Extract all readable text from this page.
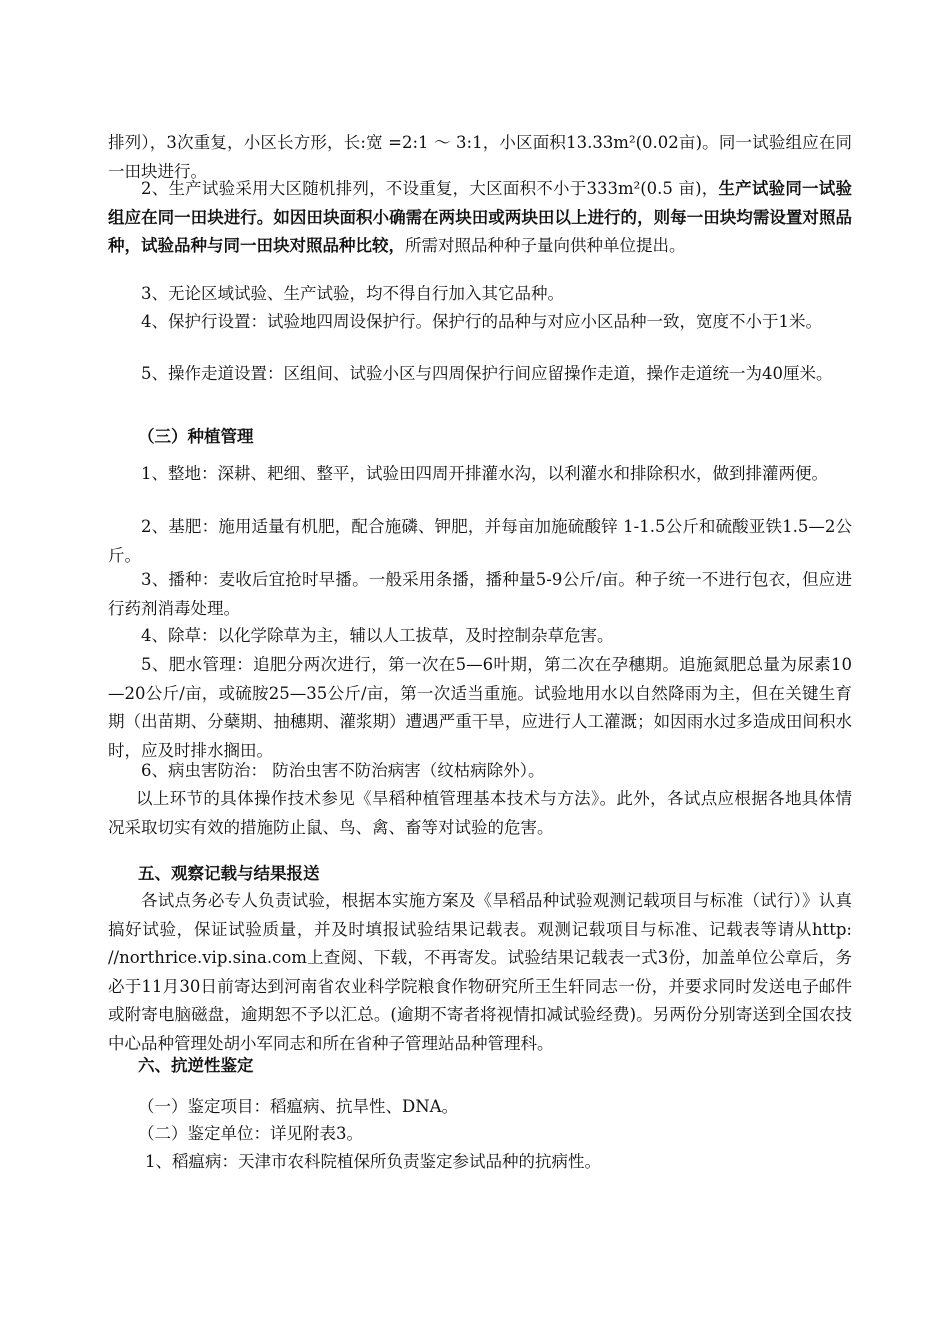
排列），3次重复，小区长方形，长:宽 =2:1 ～ 3:1，小区面积13.33m²(0.02亩)。同一试验组应在同一田块进行。

2、生产试验采用大区随机排列，不设重复，大区面积不小于333m²(0.5 亩)，生产试验同一试验组应在同一田块进行。如因田块面积小确需在两块田或两块田以上进行的，则每一田块均需设置对照品种，试验品种与同一田块对照品种比较，所需对照品种种子量向供种单位提出。

3、无论区域试验、生产试验，均不得自行加入其它品种。

4、保护行设置：试验地四周设保护行。保护行的品种与对应小区品种一致，宽度不小于1米。

5、操作走道设置：区组间、试验小区与四周保护行间应留操作走道，操作走道统一为40厘米。

（三）种植管理

1、整地：深耕、耙细、整平，试验田四周开排灌水沟，以利灌水和排除积水，做到排灌两便。

2、基肥：施用适量有机肥，配合施磷、钾肥，并每亩加施硫酸锌 1-1.5公斤和硫酸亚铁1.5—2公斤。

3、播种：麦收后宜抢时早播。一般采用条播，播种量5-9公斤/亩。种子统一不进行包衣，但应进行药剂消毒处理。

4、除草：以化学除草为主，辅以人工拔草，及时控制杂草危害。

5、肥水管理：追肥分两次进行，第一次在5—6叶期，第二次在孕穗期。追施氮肥总量为尿素10—20公斤/亩，或硫胺25—35公斤/亩，第一次适当重施。试验地用水以自然降雨为主，但在关键生育期（出苗期、分蘖期、抽穗期、灌浆期）遭遇严重干旱，应进行人工灌溉；如因雨水过多造成田间积水时，应及时排水搁田。

6、病虫害防治： 防治虫害不防治病害（纹枯病除外）。

以上环节的具体操作技术参见《旱稻种植管理基本技术与方法》。此外，各试点应根据各地具体情况采取切实有效的措施防止鼠、鸟、禽、畜等对试验的危害。

五、观察记载与结果报送

各试点务必专人负责试验，根据本实施方案及《旱稻品种试验观测记载项目与标准（试行）》认真搞好试验，保证试验质量，并及时填报试验结果记载表。观测记载项目与标准、记载表等请从http: //northrice.vip.sina.com上查阅、下载，不再寄发。试验结果记载表一式3份，加盖单位公章后，务必于11月30日前寄达到河南省农业科学院粮食作物研究所王生轩同志一份，并要求同时发送电子邮件或附寄电脑磁盘，逾期恕不予以汇总。(逾期不寄者将视情扣减试验经费)。另两份分别寄送到全国农技中心品种管理处胡小军同志和所在省种子管理站品种管理科。

六、抗逆性鉴定

（一）鉴定项目：稻瘟病、抗旱性、DNA。

（二）鉴定单位：详见附表3。

1、稻瘟病：天津市农科院植保所负责鉴定参试品种的抗病性。
